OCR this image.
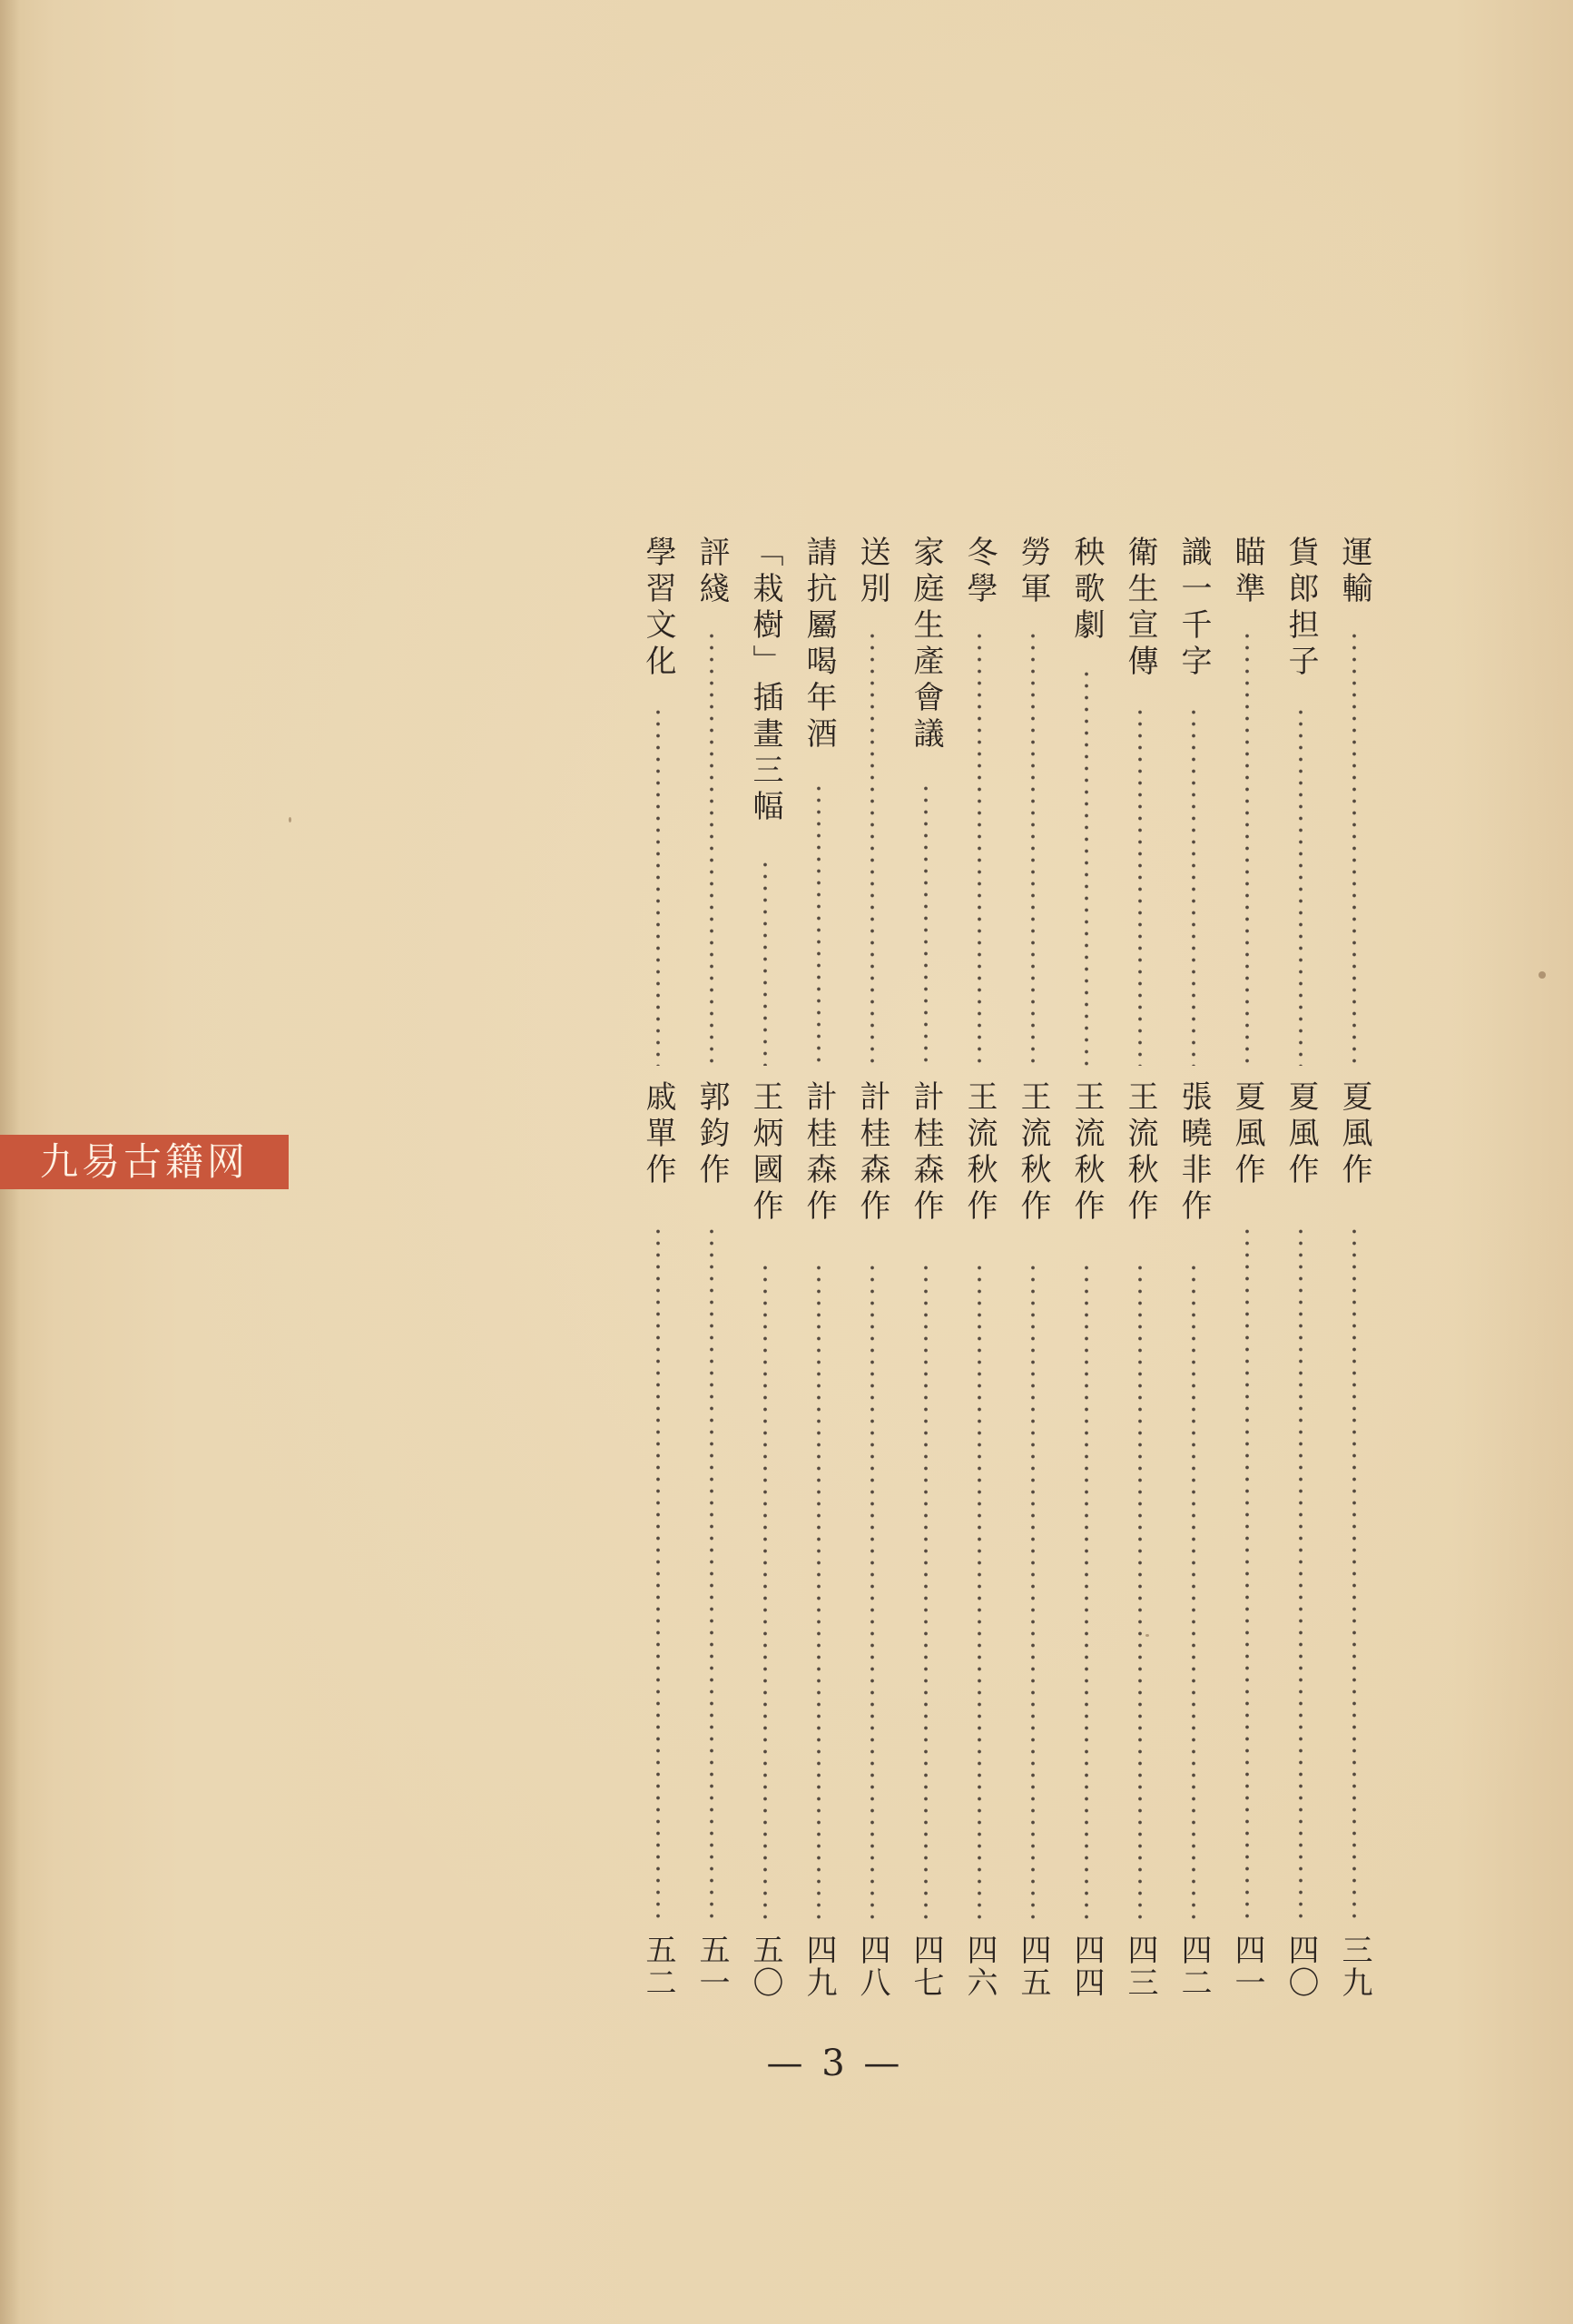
運輸
夏風作
三九
貨郎担子
夏風作
四〇
瞄準
夏風作
四一
識一千字
張曉非作
四二
衛生宣傳
王流秋作
四三
秧歌劇
王流秋作
四四
勞軍
王流秋作
四五
冬學
王流秋作
四六
家庭生產會議
計桂森作
四七
送別
計桂森作
四八
請抗屬喝年酒
計桂森作
四九
「栽樹」插畫三幅
王炳國作
五〇
評綫
郭鈞作
五一
學習文化
戚單作
五二
— 3 —
九易古籍网
